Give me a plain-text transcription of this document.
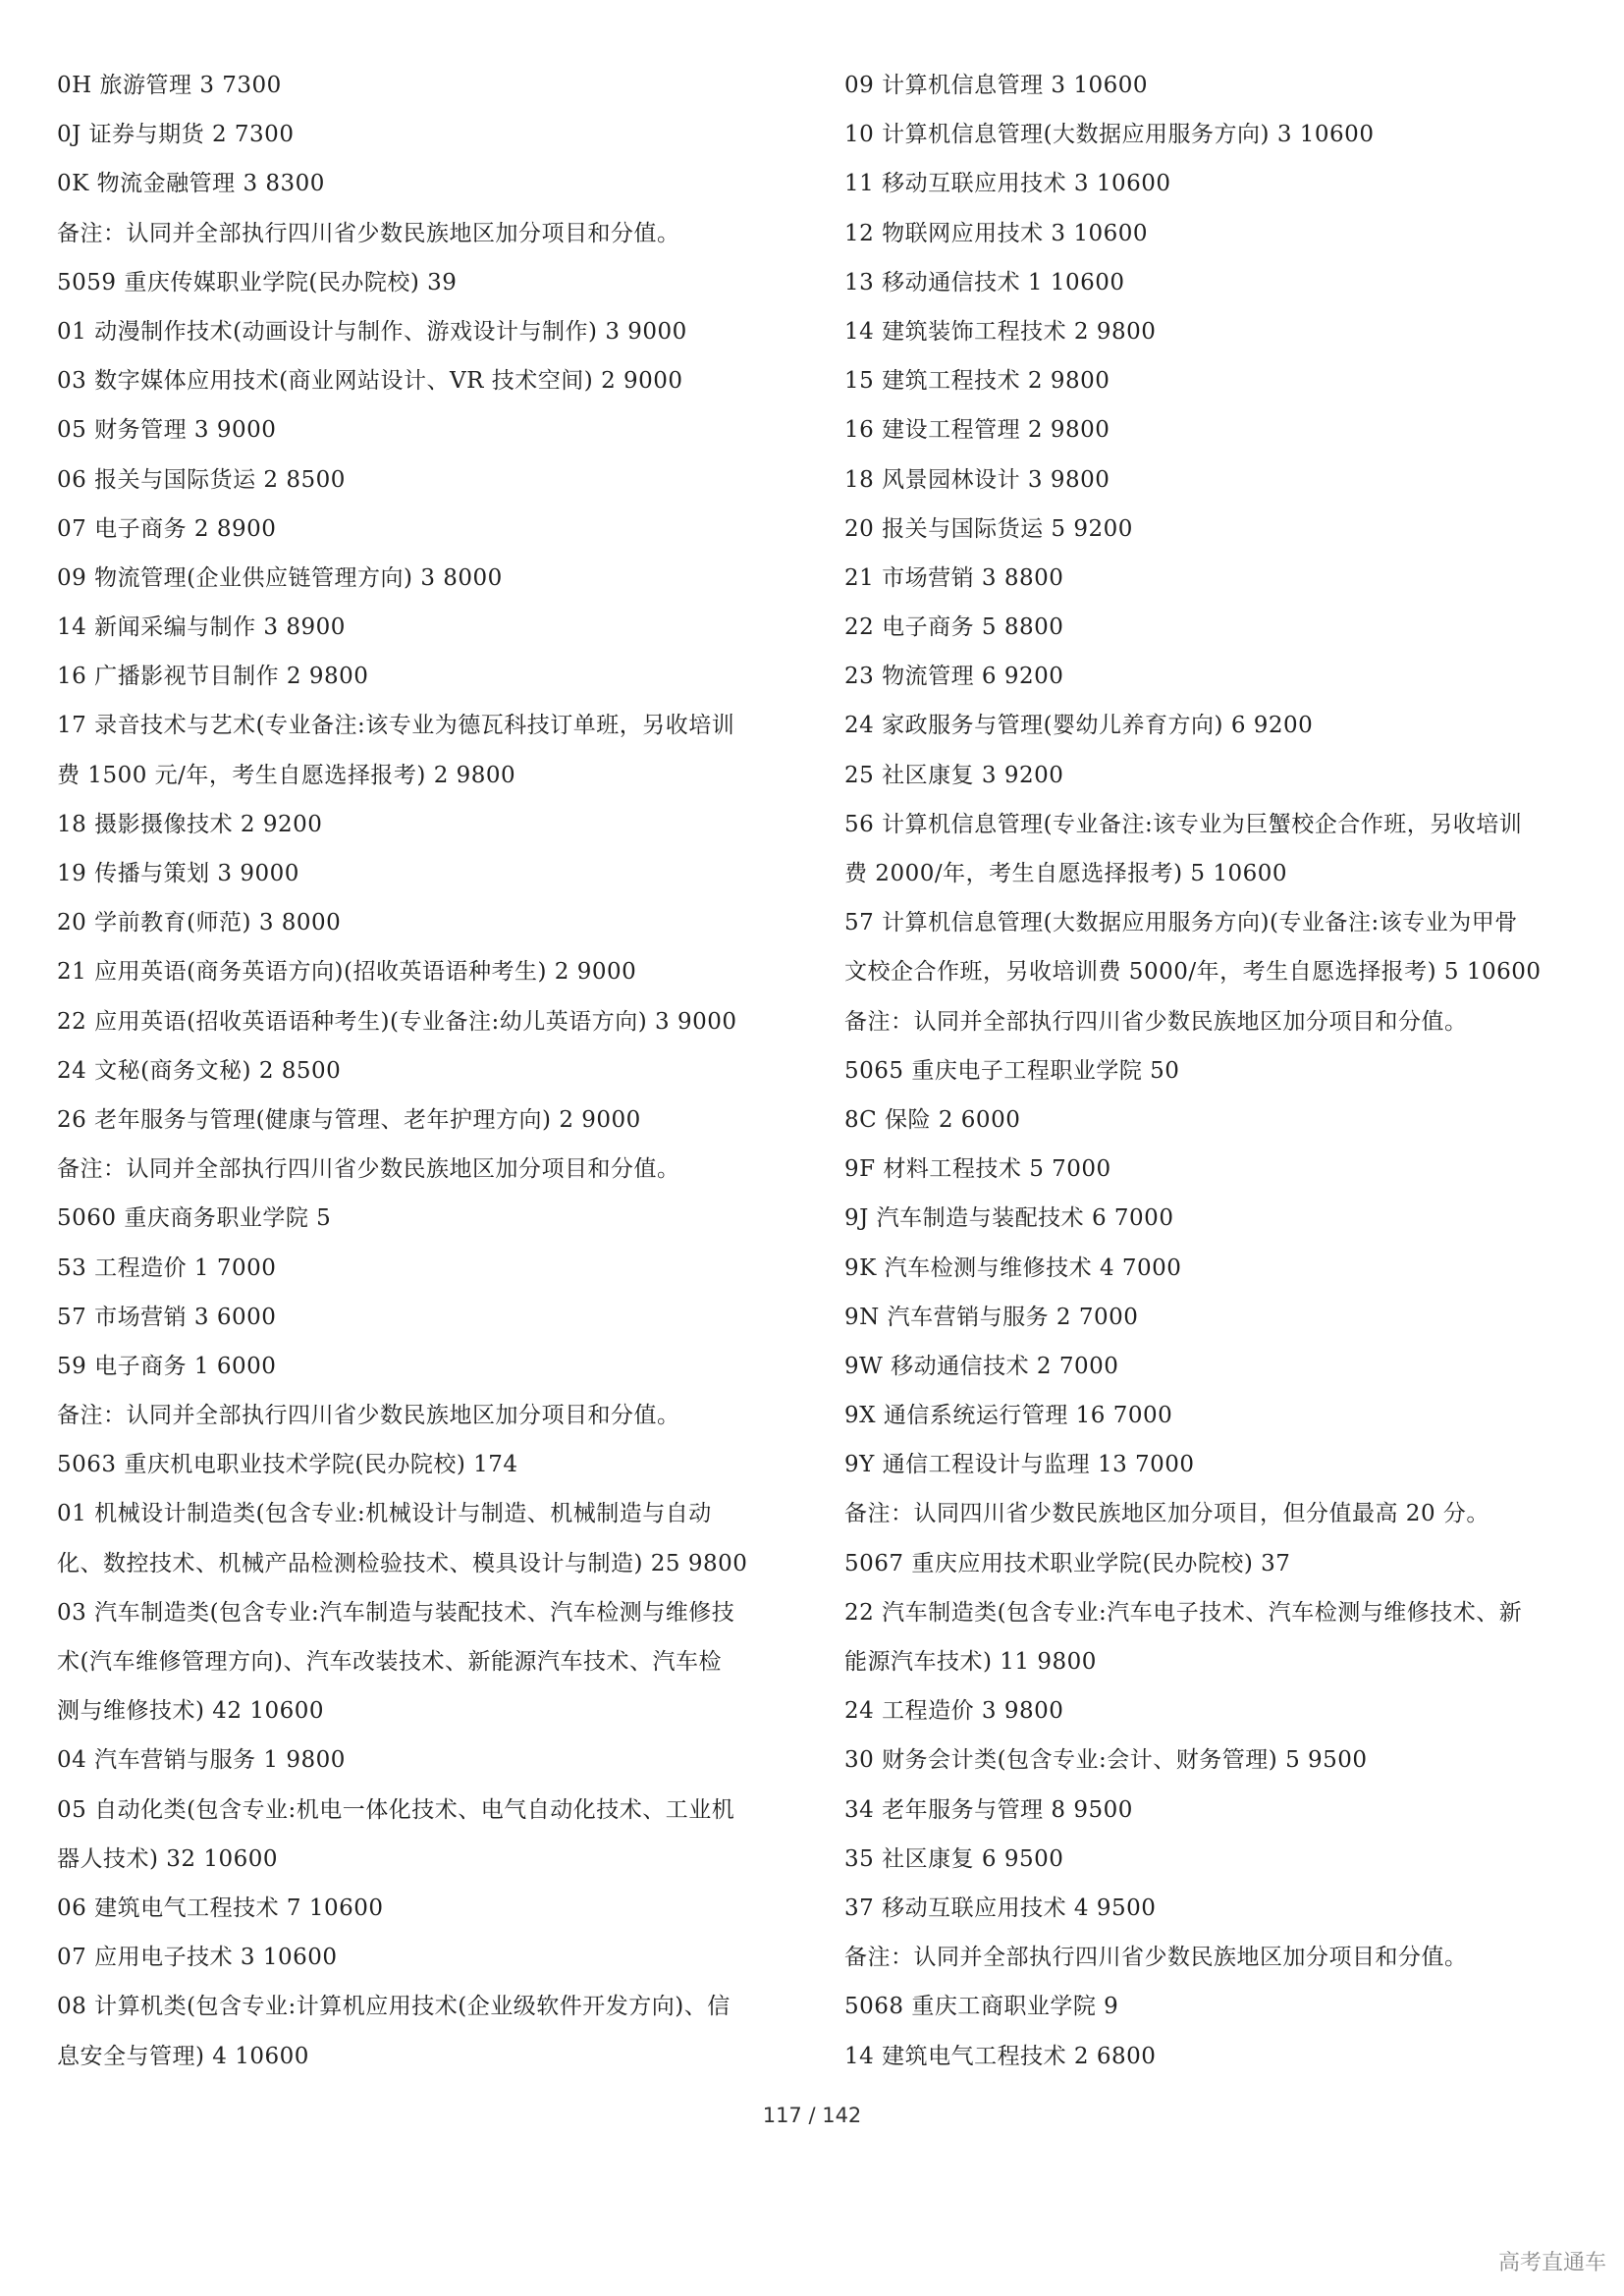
0H 旅游管理 3 7300
0J 证券与期货 2 7300
0K 物流金融管理 3 8300
备注：认同并全部执行四川省少数民族地区加分项目和分值。
5059 重庆传媒职业学院(民办院校) 39
01 动漫制作技术(动画设计与制作、游戏设计与制作) 3 9000
03 数字媒体应用技术(商业网站设计、VR 技术空间) 2 9000
05 财务管理 3 9000
06 报关与国际货运 2 8500
07 电子商务 2 8900
09 物流管理(企业供应链管理方向) 3 8000
14 新闻采编与制作 3 8900
16 广播影视节目制作 2 9800
17 录音技术与艺术(专业备注:该专业为德瓦科技订单班，另收培训
费 1500 元/年，考生自愿选择报考) 2 9800
18 摄影摄像技术 2 9200
19 传播与策划 3 9000
20 学前教育(师范) 3 8000
21 应用英语(商务英语方向)(招收英语语种考生) 2 9000
22 应用英语(招收英语语种考生)(专业备注:幼儿英语方向) 3 9000
24 文秘(商务文秘) 2 8500
26 老年服务与管理(健康与管理、老年护理方向) 2 9000
备注：认同并全部执行四川省少数民族地区加分项目和分值。
5060 重庆商务职业学院 5
53 工程造价 1 7000
57 市场营销 3 6000
59 电子商务 1 6000
备注：认同并全部执行四川省少数民族地区加分项目和分值。
5063 重庆机电职业技术学院(民办院校) 174
01 机械设计制造类(包含专业:机械设计与制造、机械制造与自动
化、数控技术、机械产品检测检验技术、模具设计与制造) 25 9800
03 汽车制造类(包含专业:汽车制造与装配技术、汽车检测与维修技
术(汽车维修管理方向)、汽车改装技术、新能源汽车技术、汽车检
测与维修技术) 42 10600
04 汽车营销与服务 1 9800
05 自动化类(包含专业:机电一体化技术、电气自动化技术、工业机
器人技术) 32 10600
06 建筑电气工程技术 7 10600
07 应用电子技术 3 10600
08 计算机类(包含专业:计算机应用技术(企业级软件开发方向)、信
息安全与管理) 4 10600
09 计算机信息管理 3 10600
10 计算机信息管理(大数据应用服务方向) 3 10600
11 移动互联应用技术 3 10600
12 物联网应用技术 3 10600
13 移动通信技术 1 10600
14 建筑装饰工程技术 2 9800
15 建筑工程技术 2 9800
16 建设工程管理 2 9800
18 风景园林设计 3 9800
20 报关与国际货运 5 9200
21 市场营销 3 8800
22 电子商务 5 8800
23 物流管理 6 9200
24 家政服务与管理(婴幼儿养育方向) 6 9200
25 社区康复 3 9200
56 计算机信息管理(专业备注:该专业为巨蟹校企合作班，另收培训
费 2000/年，考生自愿选择报考) 5 10600
57 计算机信息管理(大数据应用服务方向)(专业备注:该专业为甲骨
文校企合作班，另收培训费 5000/年，考生自愿选择报考) 5 10600
备注：认同并全部执行四川省少数民族地区加分项目和分值。
5065 重庆电子工程职业学院 50
8C 保险 2 6000
9F 材料工程技术 5 7000
9J 汽车制造与装配技术 6 7000
9K 汽车检测与维修技术 4 7000
9N 汽车营销与服务 2 7000
9W 移动通信技术 2 7000
9X 通信系统运行管理 16 7000
9Y 通信工程设计与监理 13 7000
备注：认同四川省少数民族地区加分项目，但分值最高 20 分。
5067 重庆应用技术职业学院(民办院校) 37
22 汽车制造类(包含专业:汽车电子技术、汽车检测与维修技术、新
能源汽车技术) 11 9800
24 工程造价 3 9800
30 财务会计类(包含专业:会计、财务管理) 5 9500
34 老年服务与管理 8 9500
35 社区康复 6 9500
37 移动互联应用技术 4 9500
备注：认同并全部执行四川省少数民族地区加分项目和分值。
5068 重庆工商职业学院 9
14 建筑电气工程技术 2 6800
117 / 142
高考直通车
